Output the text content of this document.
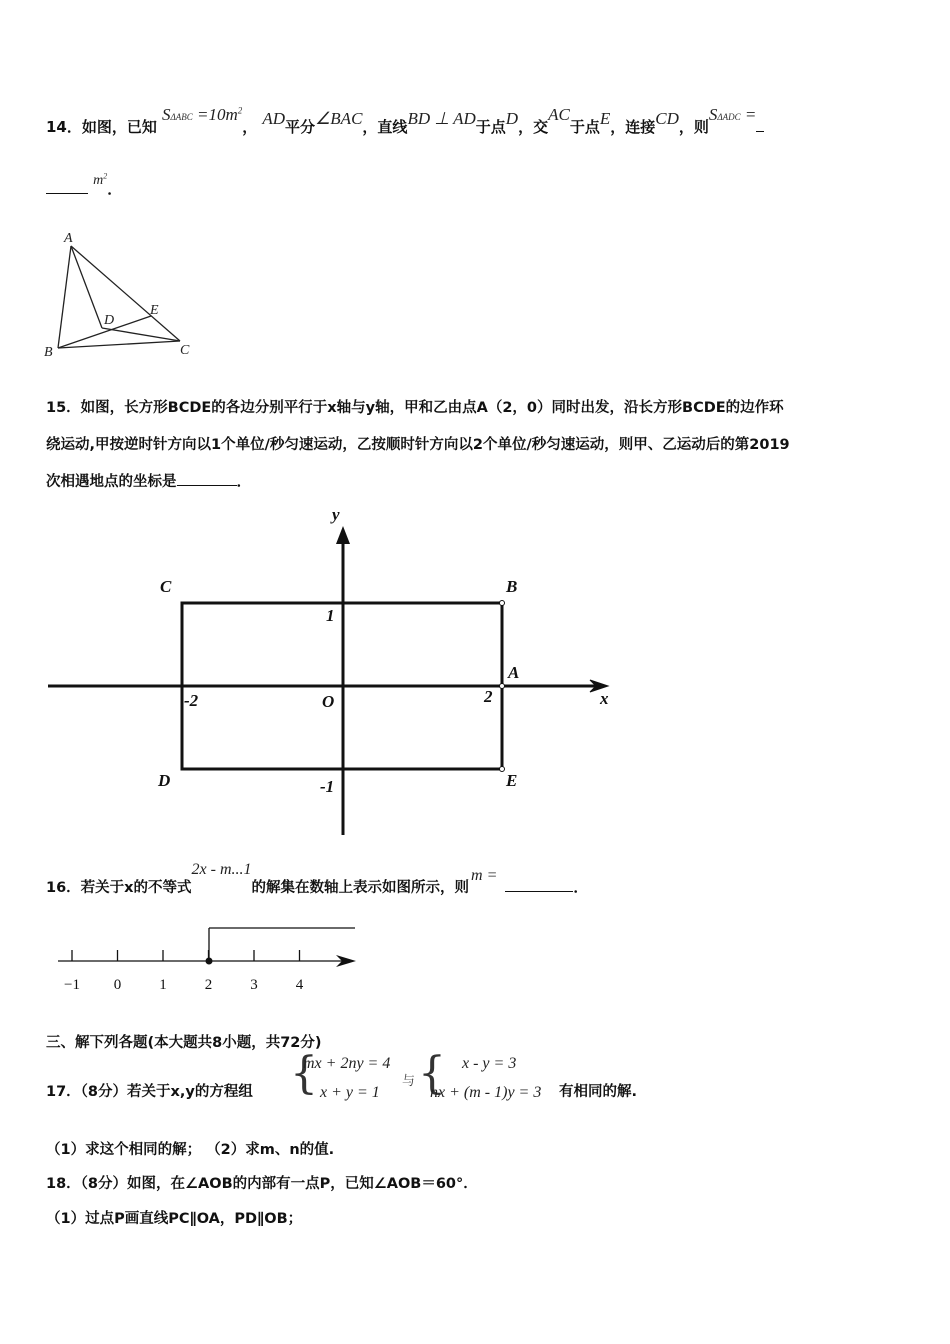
14．如图，已知 $S\Delta ABC =10m^2$， AD平分∠BAC，直线BD ⊥ AD于点D，交AC于点E，连接CD，则SΔADC =
$m^2$．
A
B	C
D
E
15．如图，长方形BCDE的各边分别平行于x轴与y轴，甲和乙由点A（2，0）同时出发，沿长方形BCDE的边作环
绕运动,甲按逆时针方向以1个单位/秒匀速运动，乙按顺时针方向以2个单位/秒匀速运动，则甲、乙运动后的第2019
次相遇地点的坐标是	．
y
x
C	B
A
D	E
O
1
-1
2
-2
16．若关于x的不等式2x - m...1的解集在数轴上表示如图所示，则m =．
−1 0	1	2	3	4
三、解下列各题(本大题共8小题，共72分)
17．（8分）若关于x,y的方程组 {
mx + 2ny = 4
x + y = 1
与 { x - y = 3
nx + (m - 1)y = 3 有相同的解.
（1）求这个相同的解； （2）求m、n的值.
18．（8分）如图，在∠AOB的内部有一点P，已知∠AOB＝60°．
（1）过点P画直线PC∥OA，PD∥OB；
